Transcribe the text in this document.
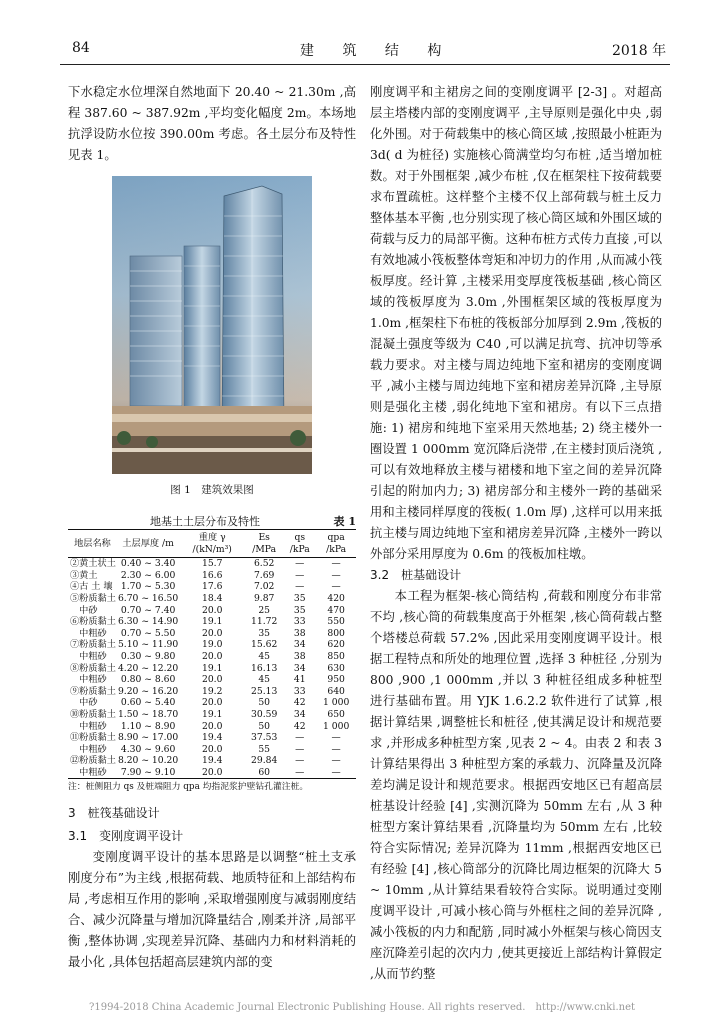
84	建 筑 结 构	2018 年

下水稳定水位埋深自然地面下 20.40 ~ 21.30m ,高程 387.60 ~ 387.92m ,平均变化幅度 2m。本场地抗浮设防水位按 390.00m 考虑。各土层分布及特性见表 1。

图 1　建筑效果图
地基土土层分布及特性	表 1
地层名称	土层厚度 /m	重度 γ /(kN/m³)	Es /MPa	qs /kPa	qpa /kPa
②黄土状土	0.40 ~ 3.40	15.7	6.52	—	—
③黄土	2.30 ~ 6.00	16.6	7.69	—	—
④古 土 壤	1.70 ~ 5.30	17.6	7.02	—	—
⑤粉质黏土	6.70 ~ 16.50	18.4	9.87	35	420
　中砂	0.70 ~ 7.40	20.0	25	35	470
⑥粉质黏土	6.30 ~ 14.90	19.1	11.72	33	550
　中粗砂	0.70 ~ 5.50	20.0	35	38	800
⑦粉质黏土	5.10 ~ 11.90	19.0	15.62	34	620
　中粗砂	0.30 ~ 9.80	20.0	45	38	850
⑧粉质黏土	4.20 ~ 12.20	19.1	16.13	34	630
　中粗砂	0.80 ~ 8.60	20.0	45	41	950
⑨粉质黏土	9.20 ~ 16.20	19.2	25.13	33	640
　中砂	0.60 ~ 5.40	20.0	50	42	1 000
⑩粉质黏土	1.50 ~ 18.70	19.1	30.59	34	650
　中粗砂	1.10 ~ 8.90	20.0	50	42	1 000
⑪粉质黏土	8.90 ~ 17.00	19.4	37.53	—	—
　中粗砂	4.30 ~ 9.60	20.0	55	—	—
⑫粉质黏土	8.20 ~ 10.20	19.4	29.84	—	—
　中粗砂	7.90 ~ 9.10	20.0	60	—	—
注：桩侧阻力 qs 及桩端阻力 qpa 均指泥浆护壁钻孔灌注桩。
3　桩筏基础设计
3.1　变刚度调平设计

变刚度调平设计的基本思路是以调整“桩土支承刚度分布”为主线 ,根据荷载、地质特征和上部结构布局 ,考虑相互作用的影响 ,采取增强刚度与减弱刚度结合、减少沉降量与增加沉降量结合 ,刚柔并济 ,局部平衡 ,整体协调 ,实现差异沉降、基础内力和材料消耗的最小化 ,具体包括超高层建筑内部的变

刚度调平和主裙房之间的变刚度调平 [2-3] 。对超高层主塔楼内部的变刚度调平 ,主导原则是强化中央 ,弱化外围。对于荷载集中的核心筒区域 ,按照最小桩距为 3d( d 为桩径) 实施核心筒满堂均匀布桩 ,适当增加桩数。对于外围框架 ,减少布桩 ,仅在框架柱下按荷载要求布置疏桩。这样整个主楼不仅上部荷载与桩土反力整体基本平衡 ,也分别实现了核心筒区域和外围区域的荷载与反力的局部平衡。这种布桩方式传力直接 ,可以有效地减小筏板整体弯矩和冲切力的作用 ,从而减小筏板厚度。经计算 ,主楼采用变厚度筏板基础 ,核心筒区域的筏板厚度为 3.0m ,外围框架区域的筏板厚度为 1.0m ,框架柱下布桩的筏板部分加厚到 2.9m ,筏板的混凝土强度等级为 C40 ,可以满足抗弯、抗冲切等承载力要求。对主楼与周边纯地下室和裙房的变刚度调平 ,减小主楼与周边纯地下室和裙房差异沉降 ,主导原则是强化主楼 ,弱化纯地下室和裙房。有以下三点措施: 1) 裙房和纯地下室采用天然地基; 2) 绕主楼外一圈设置 1 000mm 宽沉降后浇带 ,在主楼封顶后浇筑 ,可以有效地释放主楼与裙楼和地下室之间的差异沉降引起的附加内力; 3) 裙房部分和主楼外一跨的基础采用和主楼同样厚度的筏板( 1.0m 厚) ,这样可以用来抵抗主楼与周边纯地下室和裙房差异沉降 ,主楼外一跨以外部分采用厚度为 0.6m 的筏板加柱墩。

3.2　桩基础设计

本工程为框架-核心筒结构 ,荷载和刚度分布非常不均 ,核心筒的荷载集度高于外框架 ,核心筒荷载占整个塔楼总荷载 57.2% ,因此采用变刚度调平设计。根据工程特点和所处的地理位置 ,选择 3 种桩径 ,分别为 800 ,900 ,1 000mm ,并以 3 种桩径组成多种桩型进行基础布置。用 YJK 1.6.2.2 软件进行了试算 ,根据计算结果 ,调整桩长和桩径 ,使其满足设计和规范要求 ,并形成多种桩型方案 ,见表 2 ~ 4。由表 2 和表 3 计算结果得出 3 种桩型方案的承载力、沉降量及沉降差均满足设计和规范要求。根据西安地区已有超高层桩基设计经验 [4] ,实测沉降为 50mm 左右 ,从 3 种桩型方案计算结果看 ,沉降量均为 50mm 左右 ,比较符合实际情况; 差异沉降为 11mm ,根据西安地区已有经验 [4] ,核心筒部分的沉降比周边框架的沉降大 5 ~ 10mm ,从计算结果看较符合实际。说明通过变刚度调平设计 ,可减小核心筒与外框柱之间的差异沉降 ,减小筏板的内力和配筋 ,同时减小外框架与核心筒因支座沉降差引起的次内力 ,使其更接近上部结构计算假定 ,从而节约整

?1994-2018 China Academic Journal Electronic Publishing House. All rights reserved.　http://www.cnki.net
